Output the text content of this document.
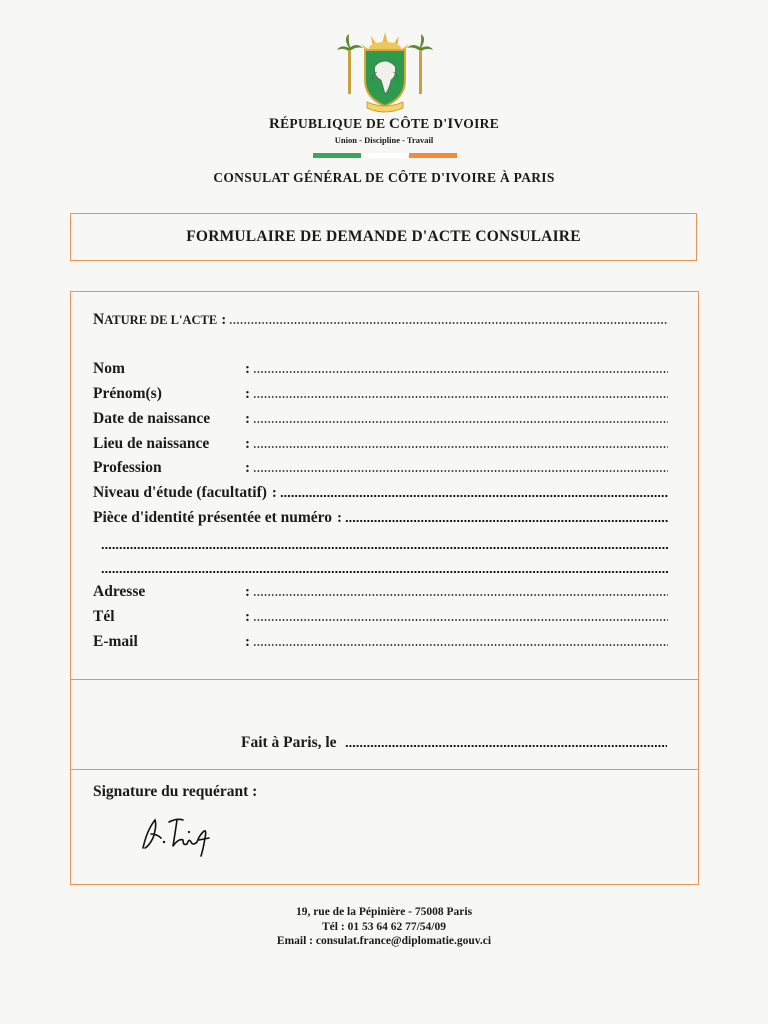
RÉPUBLIQUE DE CÔTE D'IVOIRE
Union - Discipline - Travail
CONSULAT GÉNÉRAL DE CÔTE D'IVOIRE À PARIS
FORMULAIRE DE DEMANDE D'ACTE CONSULAIRE
NATURE DE L'ACTE :
Nom	:
Prénom(s)	:
Date de naissance	:
Lieu de naissance	:
Profession	:
Niveau d'étude (facultatif) :
Pièce d'identité présentée et numéro :
Adresse	:
Tél	:
E-mail	:
Fait à Paris, le
Signature du requérant :
19, rue de la Pépinière - 75008 Paris
Tél : 01 53 64 62 77/54/09
Email : consulat.france@diplomatie.gouv.ci
